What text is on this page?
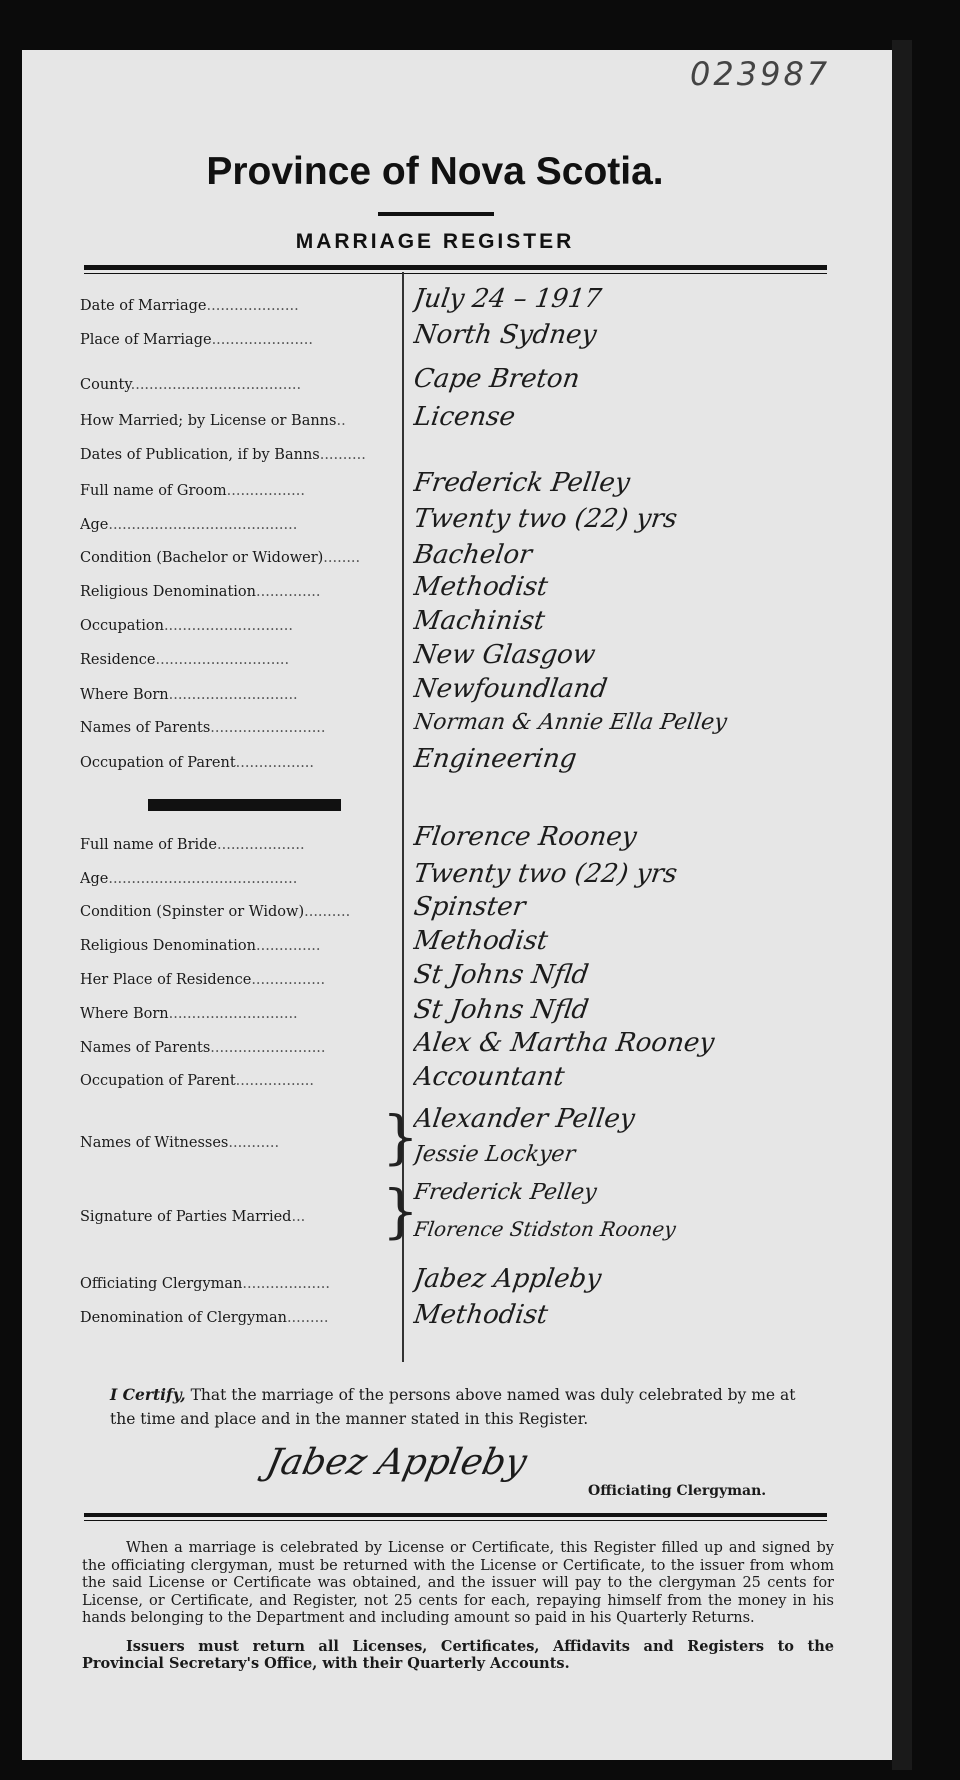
023987
Province of Nova Scotia.
MARRIAGE REGISTER
Date of Marriage....................	July 24 – 1917
Place of Marriage......................	North Sydney
County.....................................	Cape Breton
How Married; by License or Banns..	License
Dates of Publication, if by Banns..........
Full name of Groom.................	Frederick Pelley
Age.........................................	Twenty two (22) yrs
Condition (Bachelor or Widower)........	Bachelor
Religious Denomination..............	Methodist
Occupation............................	Machinist
Residence.............................	New Glasgow
Where Born............................	Newfoundland
Names of Parents.........................	Norman & Annie Ella Pelley
Occupation of Parent.................	Engineering
Full name of Bride...................	Florence Rooney
Age.........................................	Twenty two (22) yrs
Condition (Spinster or Widow)..........	Spinster
Religious Denomination..............	Methodist
Her Place of Residence................	St Johns Nfld
Where Born............................	St Johns Nfld
Names of Parents.........................	Alex & Martha Rooney
Occupation of Parent.................	Accountant
Names of Witnesses...........	}
Alexander Pelley
Jessie Lockyer
Signature of Parties Married...	}
Frederick Pelley
Florence Stidston Rooney
Officiating Clergyman...................	Jabez Appleby
Denomination of Clergyman.........	Methodist
I Certify, That the marriage of the persons above named was duly celebrated by me at the time and place and in the manner stated in this Register.
Jabez Appleby
Officiating Clergyman.

When a marriage is celebrated by License or Certificate, this Register filled up and signed by the officiating clergyman, must be returned with the License or Certificate, to the issuer from whom the said License or Certificate was obtained, and the issuer will pay to the clergyman 25 cents for License, or Certificate, and Register, not 25 cents for each, repaying himself from the money in his hands belonging to the Department and including amount so paid in his Quarterly Returns.

Issuers must return all Licenses, Certificates, Affidavits and Registers to the Provincial Secretary's Office, with their Quarterly Accounts.
